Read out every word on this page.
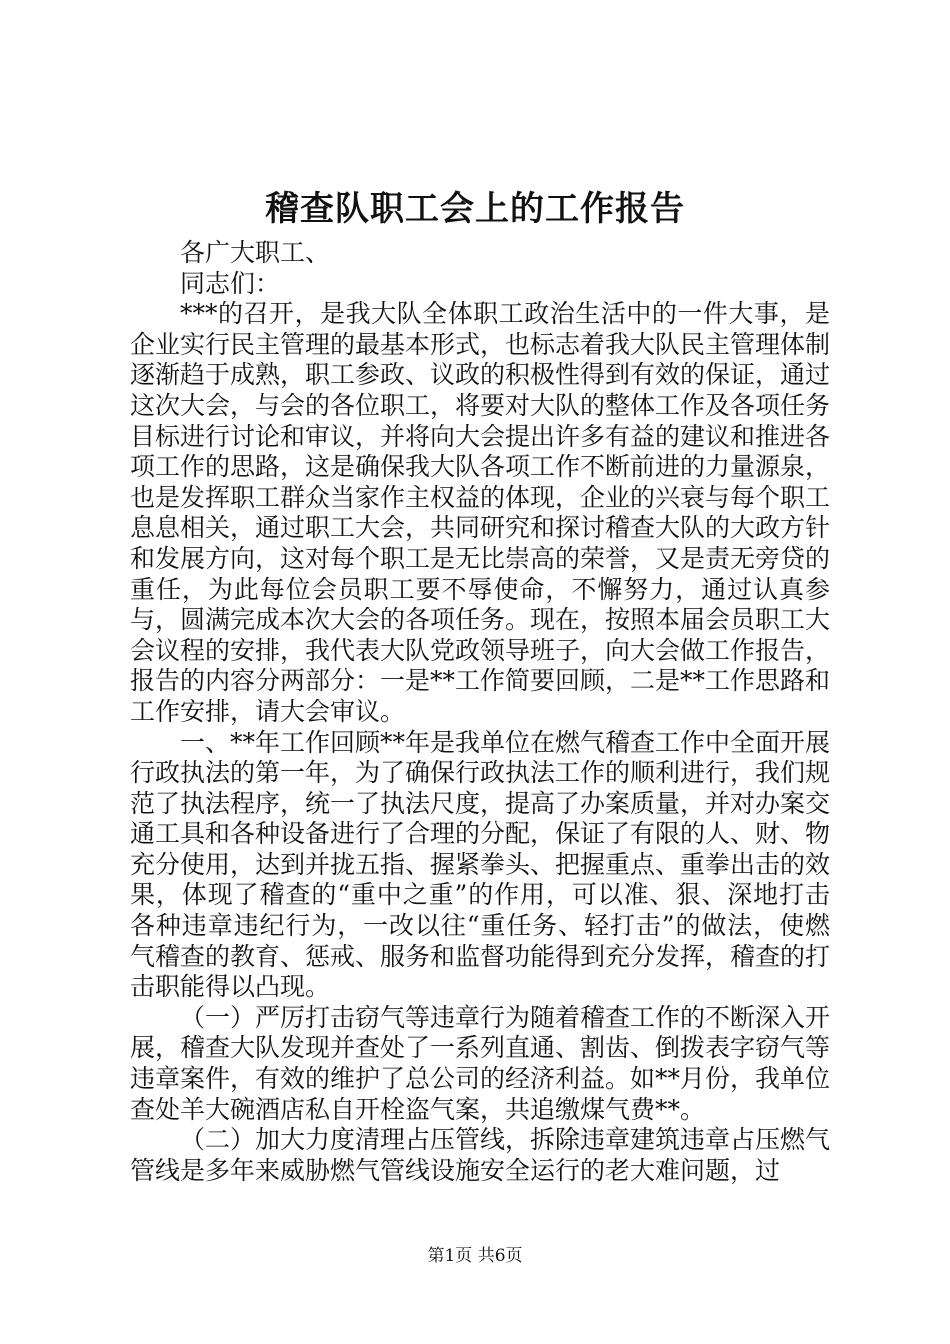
稽查队职工会上的工作报告

各广大职工、

同志们：

***的召开，是我大队全体职工政治生活中的一件大事，是企业实行民主管理的最基本形式，也标志着我大队民主管理体制逐渐趋于成熟，职工参政、议政的积极性得到有效的保证，通过这次大会，与会的各位职工，将要对大队的整体工作及各项任务目标进行讨论和审议，并将向大会提出许多有益的建议和推进各项工作的思路，这是确保我大队各项工作不断前进的力量源泉，也是发挥职工群众当家作主权益的体现，企业的兴衰与每个职工息息相关，通过职工大会，共同研究和探讨稽查大队的大政方针和发展方向，这对每个职工是无比崇高的荣誉，又是责无旁贷的重任，为此每位会员职工要不辱使命，不懈努力，通过认真参与，圆满完成本次大会的各项任务。现在，按照本届会员职工大会议程的安排，我代表大队党政领导班子，向大会做工作报告，报告的内容分两部分：一是**工作简要回顾，二是**工作思路和工作安排，请大会审议。

一、**年工作回顾**年是我单位在燃气稽查工作中全面开展行政执法的第一年，为了确保行政执法工作的顺利进行，我们规范了执法程序，统一了执法尺度，提高了办案质量，并对办案交通工具和各种设备进行了合理的分配，保证了有限的人、财、物充分使用，达到并拢五指、握紧拳头、把握重点、重拳出击的效果，体现了稽查的“重中之重”的作用，可以准、狠、深地打击各种违章违纪行为，一改以往“重任务、轻打击”的做法，使燃气稽查的教育、惩戒、服务和监督功能得到充分发挥，稽查的打击职能得以凸现。

（一）严厉打击窃气等违章行为随着稽查工作的不断深入开展，稽查大队发现并查处了一系列直通、割齿、倒拨表字窃气等违章案件，有效的维护了总公司的经济利益。如**月份，我单位查处羊大碗酒店私自开栓盗气案，共追缴煤气费**。

（二）加大力度清理占压管线，拆除违章建筑违章占压燃气管线是多年来威胁燃气管线设施安全运行的老大难问题，过

第1页 共6页
